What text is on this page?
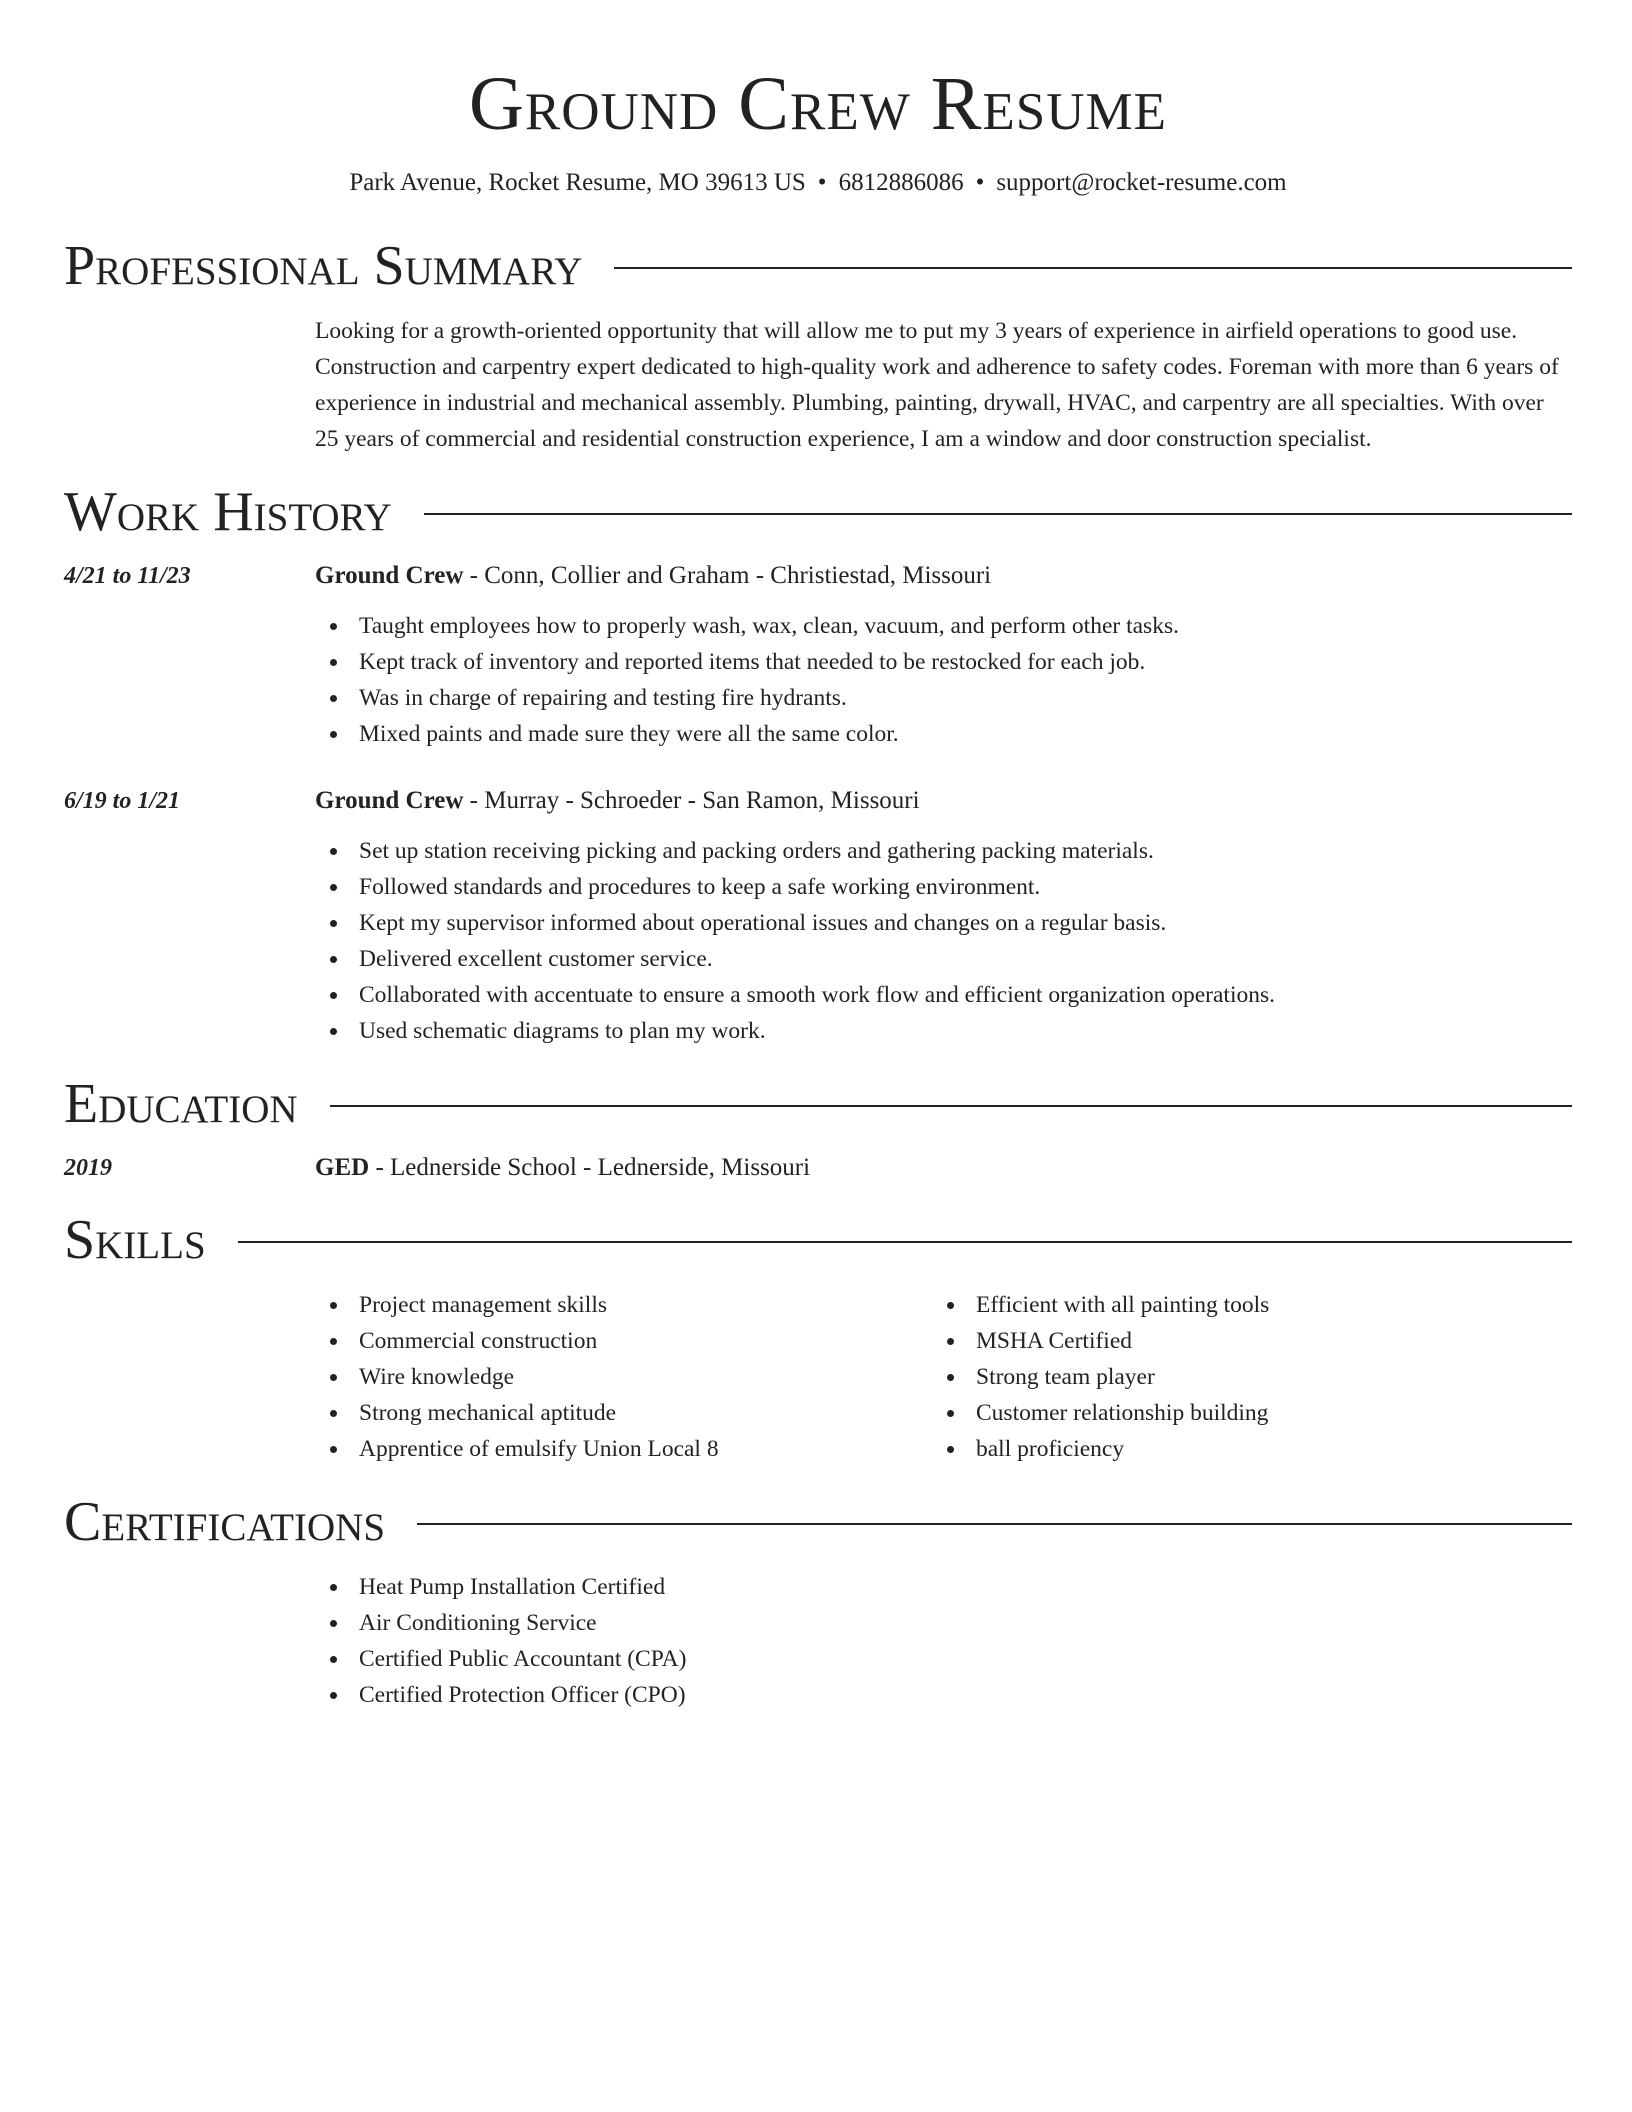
Ground Crew Resume
Park Avenue, Rocket Resume, MO 39613 US • 6812886086 • support@rocket-resume.com
Professional Summary

Looking for a growth-oriented opportunity that will allow me to put my 3 years of experience in airfield operations to good use. Construction and carpentry expert dedicated to high-quality work and adherence to safety codes. Foreman with more than 6 years of experience in industrial and mechanical assembly. Plumbing, painting, drywall, HVAC, and carpentry are all specialties. With over 25 years of commercial and residential construction experience, I am a window and door construction specialist.

Work History
4/21 to 11/23	Ground Crew - Conn, Collier and Graham - Christiestad, Missouri
Taught employees how to properly wash, wax, clean, vacuum, and perform other tasks.
Kept track of inventory and reported items that needed to be restocked for each job.
Was in charge of repairing and testing fire hydrants.
Mixed paints and made sure they were all the same color.
6/19 to 1/21	Ground Crew - Murray - Schroeder - San Ramon, Missouri
Set up station receiving picking and packing orders and gathering packing materials.
Followed standards and procedures to keep a safe working environment.
Kept my supervisor informed about operational issues and changes on a regular basis.
Delivered excellent customer service.
Collaborated with accentuate to ensure a smooth work flow and efficient organization operations.
Used schematic diagrams to plan my work.
Education
2019	GED - Lednerside School - Lednerside, Missouri
Skills
Project management skills
Commercial construction
Wire knowledge
Strong mechanical aptitude
Apprentice of emulsify Union Local 8
Efficient with all painting tools
MSHA Certified
Strong team player
Customer relationship building
ball proficiency
Certifications
Heat Pump Installation Certified
Air Conditioning Service
Certified Public Accountant (CPA)
Certified Protection Officer (CPO)
